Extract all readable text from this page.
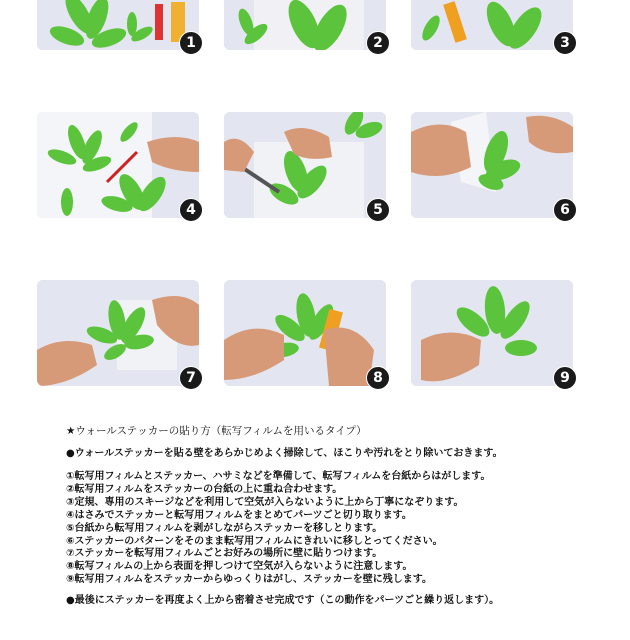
1	2	3
4	5	6
7	8	9
★ウォールステッカーの貼り方（転写フィルムを用いるタイプ）
●ウォールステッカーを貼る壁をあらかじめよく掃除して、ほこりや汚れをとり除いておきます。
①転写用フィルムとステッカー、ハサミなどを準備して、転写フィルムを台紙からはがします。
②転写用フィルムをステッカーの台紙の上に重ね合わせます。
③定規、専用のスキージなどを利用して空気が入らないように上から丁寧になぞります。
④はさみでステッカーと転写用フィルムをまとめてパーツごと切り取ります。
⑤台紙から転写用フィルムを剥がしながらステッカーを移しとります。
⑥ステッカーのパターンをそのまま転写用フィルムにきれいに移しとってください。
⑦ステッカーを転写用フィルムごとお好みの場所に壁に貼りつけます。
⑧転写フィルムの上から表面を押しつけて空気が入らないように注意します。
⑨転写用フィルムをステッカーからゆっくりはがし、ステッカーを壁に残します。
●最後にステッカーを再度よく上から密着させ完成です（この動作をパーツごと繰り返します）。
